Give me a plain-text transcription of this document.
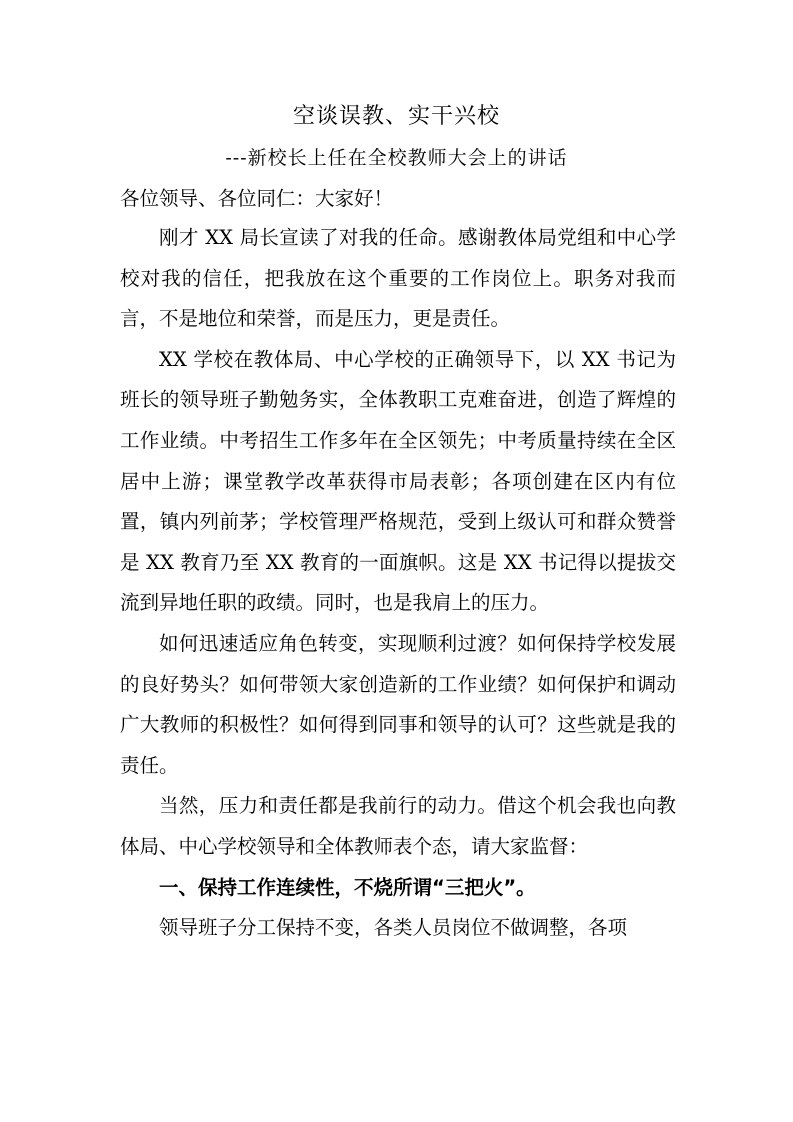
空谈误教、实干兴校
---新校长上任在全校教师大会上的讲话

各位领导、各位同仁：大家好！

刚才 XX 局长宣读了对我的任命。感谢教体局党组和中心学校对我的信任，把我放在这个重要的工作岗位上。职务对我而言，不是地位和荣誉，而是压力，更是责任。

XX 学校在教体局、中心学校的正确领导下，以 XX 书记为班长的领导班子勤勉务实，全体教职工克难奋进，创造了辉煌的工作业绩。中考招生工作多年在全区领先；中考质量持续在全区居中上游；课堂教学改革获得市局表彰；各项创建在区内有位置，镇内列前茅；学校管理严格规范，受到上级认可和群众赞誉是 XX 教育乃至 XX 教育的一面旗帜。这是 XX 书记得以提拔交流到异地任职的政绩。同时，也是我肩上的压力。

如何迅速适应角色转变，实现顺利过渡？如何保持学校发展的良好势头？如何带领大家创造新的工作业绩？如何保护和调动广大教师的积极性？如何得到同事和领导的认可？这些就是我的责任。

当然，压力和责任都是我前行的动力。借这个机会我也向教体局、中心学校领导和全体教师表个态，请大家监督：

一、保持工作连续性，不烧所谓“三把火”。

领导班子分工保持不变，各类人员岗位不做调整，各项
